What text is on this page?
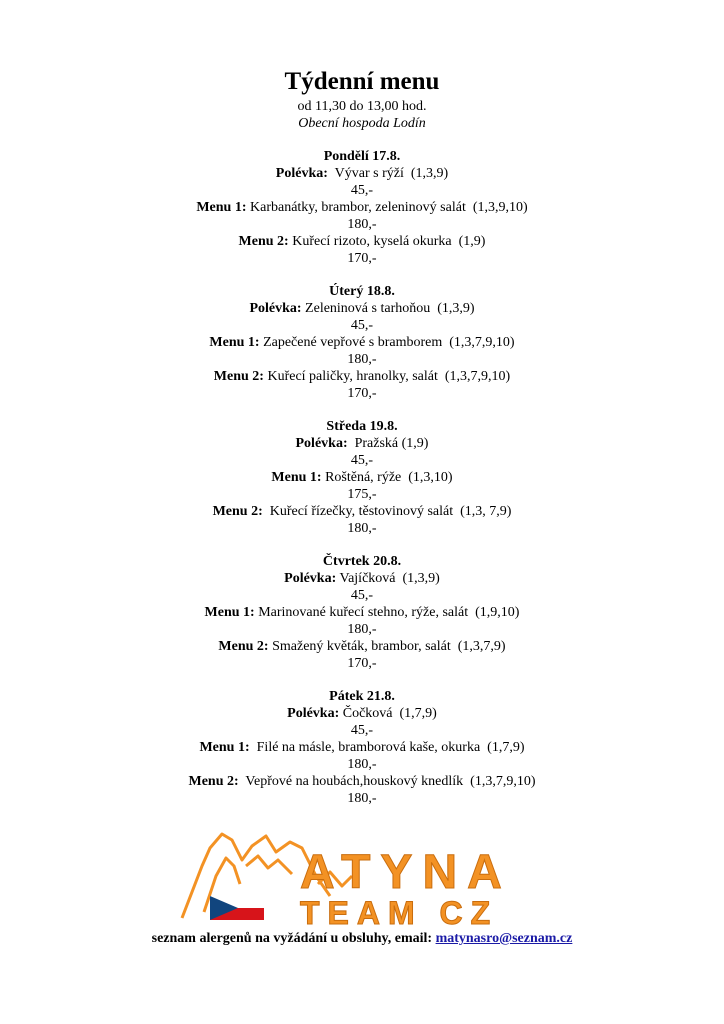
Týdenní menu
od 11,30 do 13,00 hod.
Obecní hospoda Lodín
Pondělí 17.8.
Polévka:  Vývar s rýží  (1,3,9)
45,-
Menu 1: Karbanátky, brambor, zeleninový salát  (1,3,9,10)
180,-
Menu 2: Kuřecí rizoto, kyselá okurka  (1,9)
170,-
Úterý 18.8.
Polévka: Zeleninová s tarhoňou  (1,3,9)
45,-
Menu 1: Zapečené vepřové s bramborem  (1,3,7,9,10)
180,-
Menu 2: Kuřecí paličky, hranolky, salát  (1,3,7,9,10)
170,-
Středa 19.8.
Polévka:  Pražská (1,9)
45,-
Menu 1: Roštěná, rýže  (1,3,10)
175,-
Menu 2:  Kuřecí řízečky, těstovinový salát  (1,3, 7,9)
180,-
Čtvrtek 20.8.
Polévka: Vajíčková  (1,3,9)
45,-
Menu 1: Marinované kuřecí stehno, rýže, salát  (1,9,10)
180,-
Menu 2: Smažený květák, brambor, salát  (1,3,7,9)
170,-
Pátek 21.8.
Polévka: Čočková  (1,7,9)
45,-
Menu 1:  Filé na másle, bramborová kaše, okurka  (1,7,9)
180,-
Menu 2:  Vepřové na houbách,houskový knedlík  (1,3,7,9,10)
180,-
ATYNA
TEAM CZ
seznam alergenů na vyžádání u obsluhy, email: matynasro@seznam.cz
